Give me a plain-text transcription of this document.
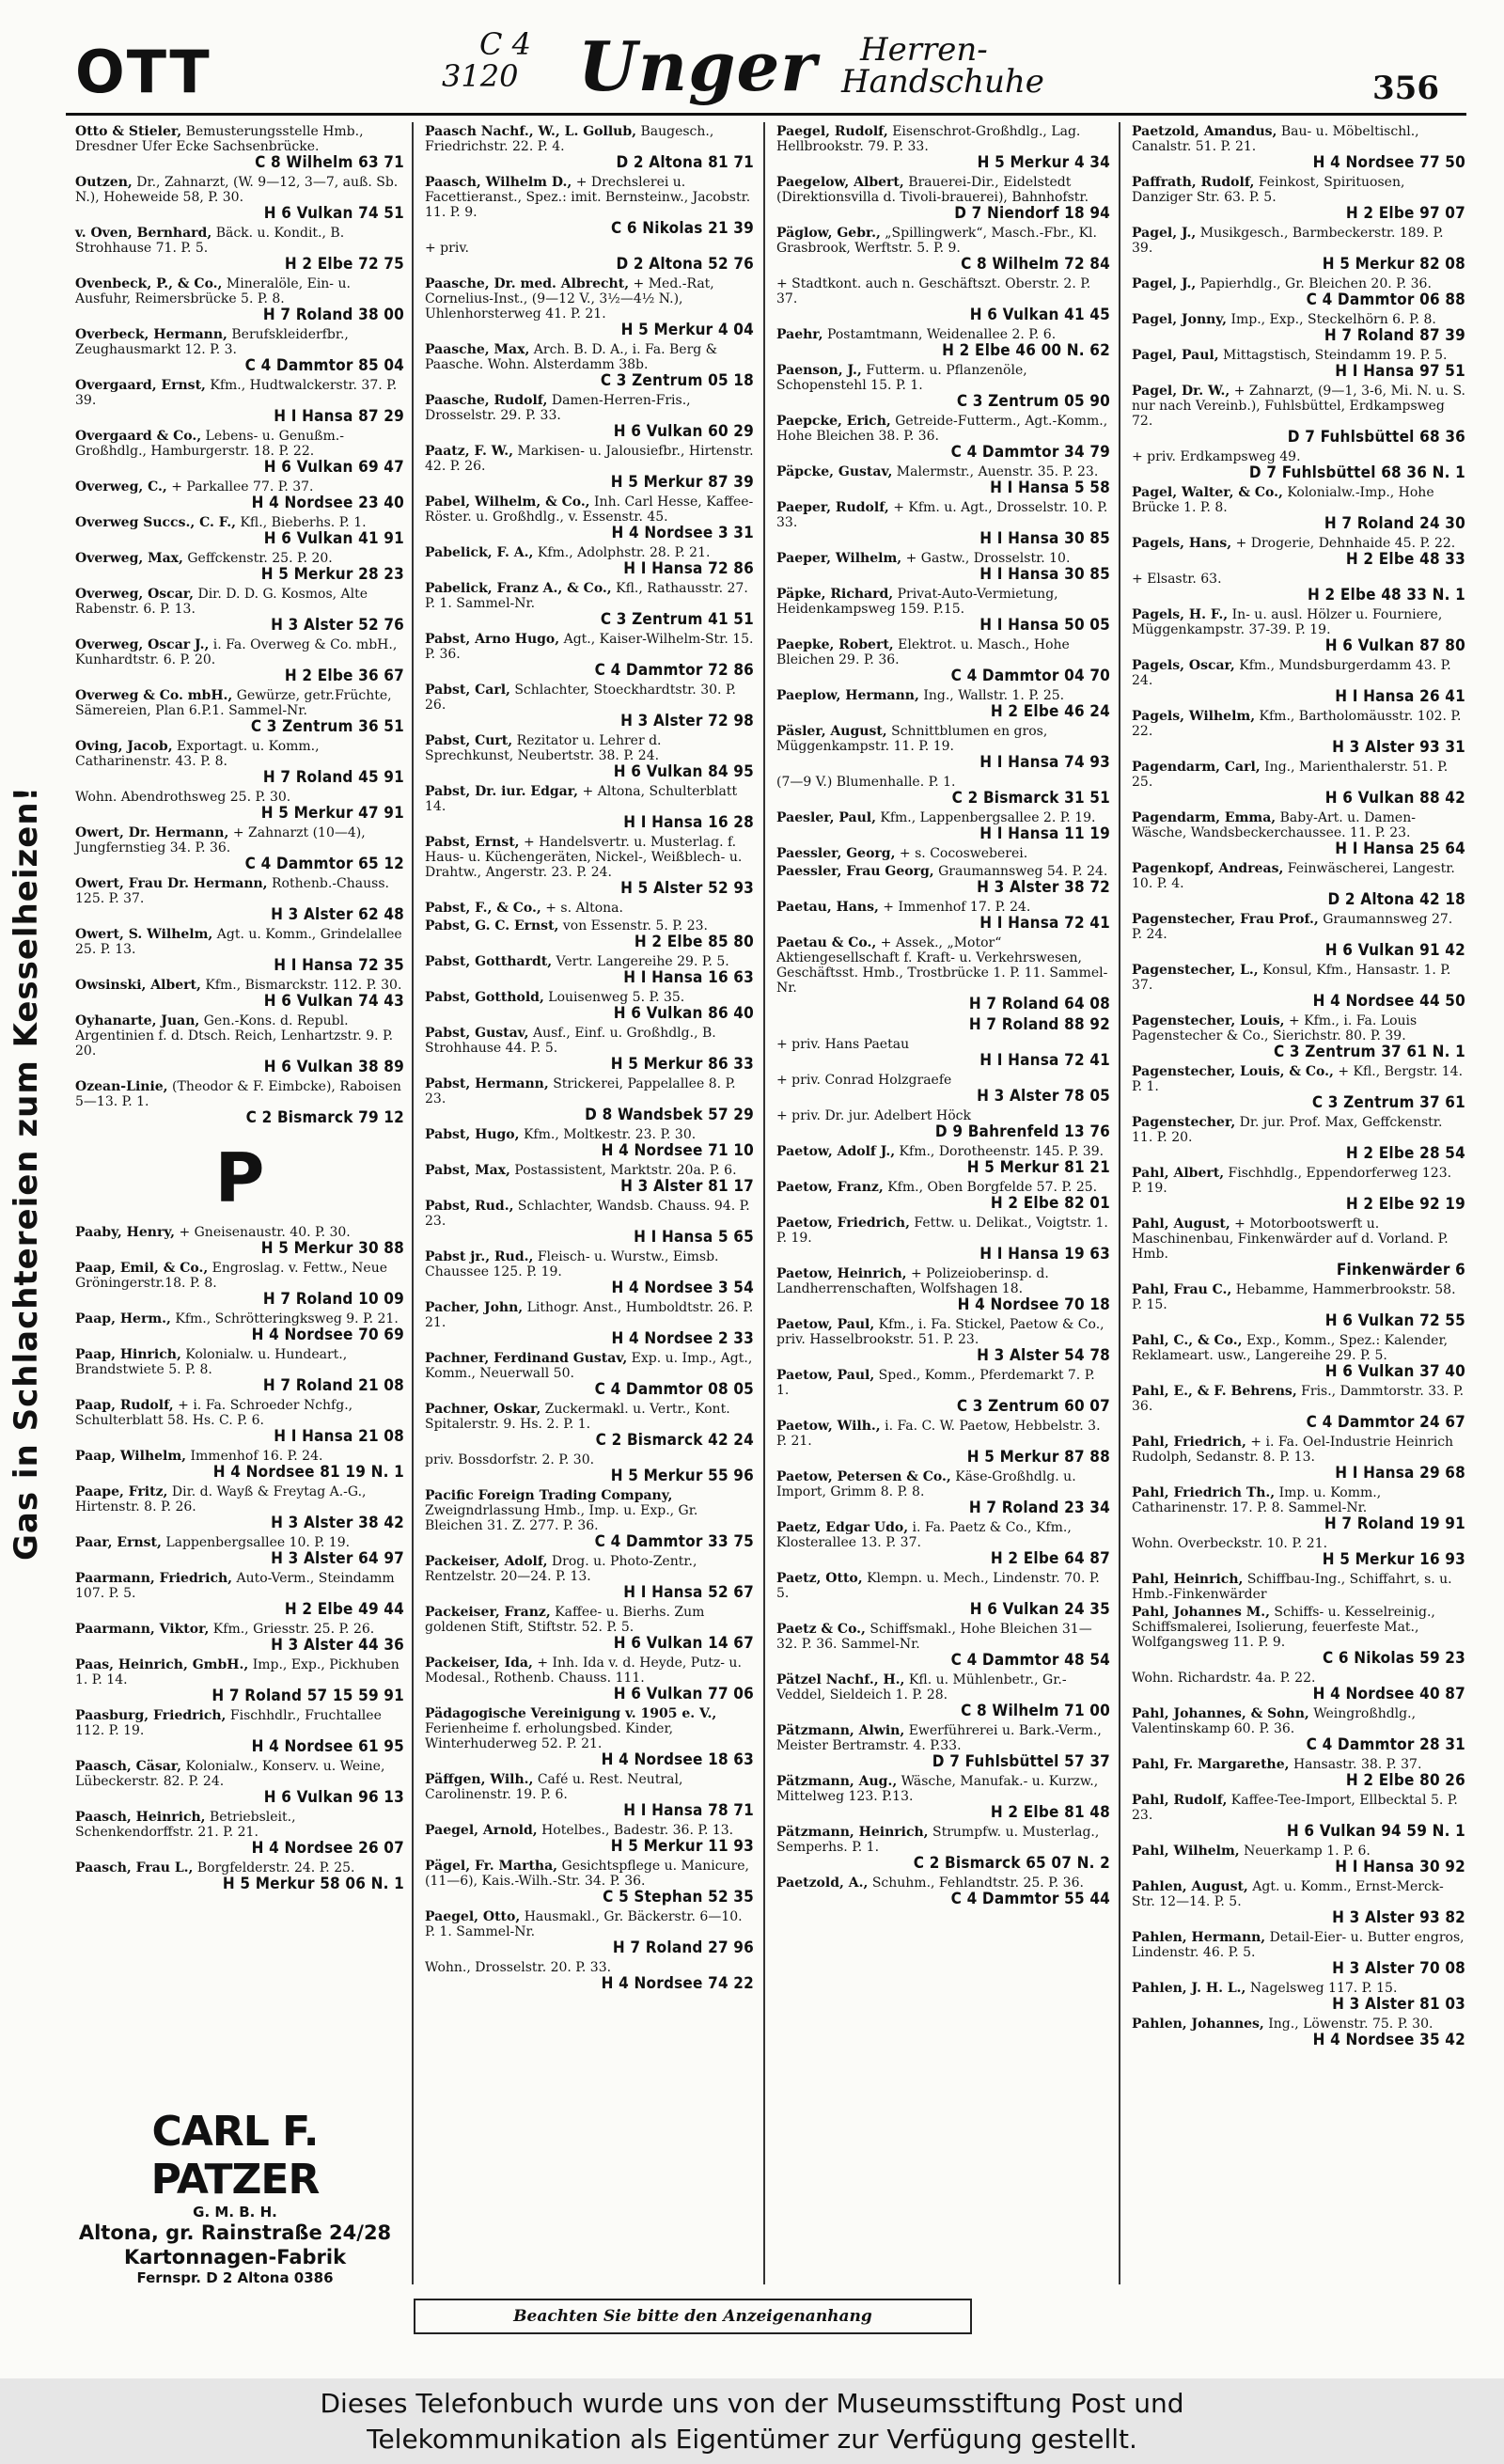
OTT	C 4
3120 Unger	Herren-
Handschuhe	356
Gas in Schlachtereien zum Kesselheizen!
Otto & Stieler, Bemusterungsstelle Hmb., Dresdner Ufer Ecke Sachsenbrücke.
C 8 Wilhelm 63 71
Outzen, Dr., Zahnarzt, (W. 9—12, 3—7, auß. Sb. N.), Hoheweide 58, P. 30.
H 6 Vulkan 74 51
v. Oven, Bernhard, Bäck. u. Kondit., B. Strohhause 71. P. 5.
H 2 Elbe 72 75
Ovenbeck, P., & Co., Mineralöle, Ein- u. Ausfuhr, Reimersbrücke 5. P. 8.
H 7 Roland 38 00
Overbeck, Hermann, Berufskleiderfbr., Zeughausmarkt 12. P. 3.
C 4 Dammtor 85 04
Overgaard, Ernst, Kfm., Hudtwalckerstr. 37. P. 39.
H I Hansa 87 29
Overgaard & Co., Lebens- u. Genußm.-Großhdlg., Hamburgerstr. 18. P. 22.
H 6 Vulkan 69 47
Overweg, C., + Parkallee 77. P. 37.
H 4 Nordsee 23 40
Overweg Succs., C. F., Kfl., Bieberhs. P. 1.
H 6 Vulkan 41 91
Overweg, Max, Geffckenstr. 25. P. 20.
H 5 Merkur 28 23
Overweg, Oscar, Dir. D. D. G. Kosmos, Alte Rabenstr. 6. P. 13.
H 3 Alster 52 76
Overweg, Oscar J., i. Fa. Overweg & Co. mbH., Kunhardtstr. 6. P. 20.
H 2 Elbe 36 67
Overweg & Co. mbH., Gewürze, getr.Früchte, Sämereien, Plan 6.P.1. Sammel-Nr.
C 3 Zentrum 36 51
Oving, Jacob, Exportagt. u. Komm., Catharinenstr. 43. P. 8.
H 7 Roland 45 91
Wohn. Abendrothsweg 25. P. 30.
H 5 Merkur 47 91
Owert, Dr. Hermann, + Zahnarzt (10—4), Jungfernstieg 34. P. 36.
C 4 Dammtor 65 12
Owert, Frau Dr. Hermann, Rothenb.-Chauss. 125. P. 37.
H 3 Alster 62 48
Owert, S. Wilhelm, Agt. u. Komm., Grindelallee 25. P. 13.
H I Hansa 72 35
Owsinski, Albert, Kfm., Bismarckstr. 112. P. 30.
H 6 Vulkan 74 43
Oyhanarte, Juan, Gen.-Kons. d. Republ. Argentinien f. d. Dtsch. Reich, Lenhartzstr. 9. P. 20.
H 6 Vulkan 38 89
Ozean-Linie, (Theodor & F. Eimbcke), Raboisen 5—13. P. 1.
C 2 Bismarck 79 12
P
Paaby, Henry, + Gneisenaustr. 40. P. 30.
H 5 Merkur 30 88
Paap, Emil, & Co., Engroslag. v. Fettw., Neue Gröningerstr.18. P. 8.
H 7 Roland 10 09
Paap, Herm., Kfm., Schrötteringksweg 9. P. 21.
H 4 Nordsee 70 69
Paap, Hinrich, Kolonialw. u. Hundeart., Brandstwiete 5. P. 8.
H 7 Roland 21 08
Paap, Rudolf, + i. Fa. Schroeder Nchfg., Schulterblatt 58. Hs. C. P. 6.
H I Hansa 21 08
Paap, Wilhelm, Immenhof 16. P. 24.
H 4 Nordsee 81 19 N. 1
Paape, Fritz, Dir. d. Wayß & Freytag A.-G., Hirtenstr. 8. P. 26.
H 3 Alster 38 42
Paar, Ernst, Lappenbergsallee 10. P. 19.
H 3 Alster 64 97
Paarmann, Friedrich, Auto-Verm., Steindamm 107. P. 5.
H 2 Elbe 49 44
Paarmann, Viktor, Kfm., Griesstr. 25. P. 26.
H 3 Alster 44 36
Paas, Heinrich, GmbH., Imp., Exp., Pickhuben 1. P. 14.
H 7 Roland 57 15 59 91
Paasburg, Friedrich, Fischhdlr., Fruchtallee 112. P. 19.
H 4 Nordsee 61 95
Paasch, Cäsar, Kolonialw., Konserv. u. Weine, Lübeckerstr. 82. P. 24.
H 6 Vulkan 96 13
Paasch, Heinrich, Betriebsleit., Schenkendorffstr. 21. P. 21.
H 4 Nordsee 26 07
Paasch, Frau L., Borgfelderstr. 24. P. 25.
H 5 Merkur 58 06 N. 1
Paasch Nachf., W., L. Gollub, Baugesch., Friedrichstr. 22. P. 4.
D 2 Altona 81 71
Paasch, Wilhelm D., + Drechslerei u. Facettieranst., Spez.: imit. Bernsteinw., Jacobstr. 11. P. 9.
C 6 Nikolas 21 39
+ priv.
D 2 Altona 52 76
Paasche, Dr. med. Albrecht, + Med.-Rat, Cornelius-Inst., (9—12 V., 3½—4½ N.), Uhlenhorsterweg 41. P. 21.
H 5 Merkur 4 04
Paasche, Max, Arch. B. D. A., i. Fa. Berg & Paasche. Wohn. Alsterdamm 38b.
C 3 Zentrum 05 18
Paasche, Rudolf, Damen-Herren-Fris., Drosselstr. 29. P. 33.
H 6 Vulkan 60 29
Paatz, F. W., Markisen- u. Jalousiefbr., Hirtenstr. 42. P. 26.
H 5 Merkur 87 39
Pabel, Wilhelm, & Co., Inh. Carl Hesse, Kaffee-Röster. u. Großhdlg., v. Essenstr. 45.
H 4 Nordsee 3 31
Pabelick, F. A., Kfm., Adolphstr. 28. P. 21.
H I Hansa 72 86
Pabelick, Franz A., & Co., Kfl., Rathausstr. 27. P. 1. Sammel-Nr.
C 3 Zentrum 41 51
Pabst, Arno Hugo, Agt., Kaiser-Wilhelm-Str. 15. P. 36.
C 4 Dammtor 72 86
Pabst, Carl, Schlachter, Stoeckhardtstr. 30. P. 26.
H 3 Alster 72 98
Pabst, Curt, Rezitator u. Lehrer d. Sprechkunst, Neubertstr. 38. P. 24.
H 6 Vulkan 84 95
Pabst, Dr. iur. Edgar, + Altona, Schulterblatt 14.
H I Hansa 16 28
Pabst, Ernst, + Handelsvertr. u. Musterlag. f. Haus- u. Küchengeräten, Nickel-, Weißblech- u. Drahtw., Angerstr. 23. P. 24.
H 5 Alster 52 93
Pabst, F., & Co., + s. Altona.
Pabst, G. C. Ernst, von Essenstr. 5. P. 23.
H 2 Elbe 85 80
Pabst, Gotthardt, Vertr. Langereihe 29. P. 5.
H I Hansa 16 63
Pabst, Gotthold, Louisenweg 5. P. 35.
H 6 Vulkan 86 40
Pabst, Gustav, Ausf., Einf. u. Großhdlg., B. Strohhause 44. P. 5.
H 5 Merkur 86 33
Pabst, Hermann, Strickerei, Pappelallee 8. P. 23.
D 8 Wandsbek 57 29
Pabst, Hugo, Kfm., Moltkestr. 23. P. 30.
H 4 Nordsee 71 10
Pabst, Max, Postassistent, Marktstr. 20a. P. 6.
H 3 Alster 81 17
Pabst, Rud., Schlachter, Wandsb. Chauss. 94. P. 23.
H I Hansa 5 65
Pabst jr., Rud., Fleisch- u. Wurstw., Eimsb. Chaussee 125. P. 19.
H 4 Nordsee 3 54
Pacher, John, Lithogr. Anst., Humboldtstr. 26. P. 21.
H 4 Nordsee 2 33
Pachner, Ferdinand Gustav, Exp. u. Imp., Agt., Komm., Neuerwall 50.
C 4 Dammtor 08 05
Pachner, Oskar, Zuckermakl. u. Vertr., Kont. Spitalerstr. 9. Hs. 2. P. 1.
C 2 Bismarck 42 24
priv. Bossdorfstr. 2. P. 30.
H 5 Merkur 55 96
Pacific Foreign Trading Company, Zweigndrlassung Hmb., Imp. u. Exp., Gr. Bleichen 31. Z. 277. P. 36.
C 4 Dammtor 33 75
Packeiser, Adolf, Drog. u. Photo-Zentr., Rentzelstr. 20—24. P. 13.
H I Hansa 52 67
Packeiser, Franz, Kaffee- u. Bierhs. Zum goldenen Stift, Stiftstr. 52. P. 5.
H 6 Vulkan 14 67
Packeiser, Ida, + Inh. Ida v. d. Heyde, Putz- u. Modesal., Rothenb. Chauss. 111.
H 6 Vulkan 77 06
Pädagogische Vereinigung v. 1905 e. V., Ferienheime f. erholungsbed. Kinder, Winterhuderweg 52. P. 21.
H 4 Nordsee 18 63
Päffgen, Wilh., Café u. Rest. Neutral, Carolinenstr. 19. P. 6.
H I Hansa 78 71
Paegel, Arnold, Hotelbes., Badestr. 36. P. 13.
H 5 Merkur 11 93
Pägel, Fr. Martha, Gesichtspflege u. Manicure, (11—6), Kais.-Wilh.-Str. 34. P. 36.
C 5 Stephan 52 35
Paegel, Otto, Hausmakl., Gr. Bäckerstr. 6—10. P. 1. Sammel-Nr.
H 7 Roland 27 96
Wohn., Drosselstr. 20. P. 33.
H 4 Nordsee 74 22
Paegel, Rudolf, Eisenschrot-Großhdlg., Lag. Hellbrookstr. 79. P. 33.
H 5 Merkur 4 34
Paegelow, Albert, Brauerei-Dir., Eidelstedt (Direktionsvilla d. Tivoli-brauerei), Bahnhofstr.
D 7 Niendorf 18 94
Päglow, Gebr., „Spillingwerk“, Masch.-Fbr., Kl. Grasbrook, Werftstr. 5. P. 9.
C 8 Wilhelm 72 84
+ Stadtkont. auch n. Geschäftszt. Oberstr. 2. P. 37.
H 6 Vulkan 41 45
Paehr, Postamtmann, Weidenallee 2. P. 6.
H 2 Elbe 46 00 N. 62
Paenson, J., Futterm. u. Pflanzenöle, Schopenstehl 15. P. 1.
C 3 Zentrum 05 90
Paepcke, Erich, Getreide-Futterm., Agt.-Komm., Hohe Bleichen 38. P. 36.
C 4 Dammtor 34 79
Päpcke, Gustav, Malermstr., Auenstr. 35. P. 23.
H I Hansa 5 58
Paeper, Rudolf, + Kfm. u. Agt., Drosselstr. 10. P. 33.
H I Hansa 30 85
Paeper, Wilhelm, + Gastw., Drosselstr. 10.
H I Hansa 30 85
Päpke, Richard, Privat-Auto-Vermietung, Heidenkampsweg 159. P.15.
H I Hansa 50 05
Paepke, Robert, Elektrot. u. Masch., Hohe Bleichen 29. P. 36.
C 4 Dammtor 04 70
Paeplow, Hermann, Ing., Wallstr. 1. P. 25.
H 2 Elbe 46 24
Päsler, August, Schnittblumen en gros, Müggenkampstr. 11. P. 19.
H I Hansa 74 93
(7—9 V.) Blumenhalle. P. 1.
C 2 Bismarck 31 51
Paesler, Paul, Kfm., Lappenbergsallee 2. P. 19.
H I Hansa 11 19
Paessler, Georg, + s. Cocosweberei.
Paessler, Frau Georg, Graumannsweg 54. P. 24.
H 3 Alster 38 72
Paetau, Hans, + Immenhof 17. P. 24.
H I Hansa 72 41
Paetau & Co., + Assek., „Motor“ Aktiengesellschaft f. Kraft- u. Verkehrswesen, Geschäftsst. Hmb., Trostbrücke 1. P. 11. Sammel-Nr.
H 7 Roland 64 08
H 7 Roland 88 92
+ priv. Hans Paetau
H I Hansa 72 41
+ priv. Conrad Holzgraefe
H 3 Alster 78 05
+ priv. Dr. jur. Adelbert Höck
D 9 Bahrenfeld 13 76
Paetow, Adolf J., Kfm., Dorotheenstr. 145. P. 39.
H 5 Merkur 81 21
Paetow, Franz, Kfm., Oben Borgfelde 57. P. 25.
H 2 Elbe 82 01
Paetow, Friedrich, Fettw. u. Delikat., Voigtstr. 1. P. 19.
H I Hansa 19 63
Paetow, Heinrich, + Polizeioberinsp. d. Landherrenschaften, Wolfshagen 18.
H 4 Nordsee 70 18
Paetow, Paul, Kfm., i. Fa. Stickel, Paetow & Co., priv. Hasselbrookstr. 51. P. 23.
H 3 Alster 54 78
Paetow, Paul, Sped., Komm., Pferdemarkt 7. P. 1.
C 3 Zentrum 60 07
Paetow, Wilh., i. Fa. C. W. Paetow, Hebbelstr. 3. P. 21.
H 5 Merkur 87 88
Paetow, Petersen & Co., Käse-Großhdlg. u. Import, Grimm 8. P. 8.
H 7 Roland 23 34
Paetz, Edgar Udo, i. Fa. Paetz & Co., Kfm., Klosterallee 13. P. 37.
H 2 Elbe 64 87
Paetz, Otto, Klempn. u. Mech., Lindenstr. 70. P. 5.
H 6 Vulkan 24 35
Paetz & Co., Schiffsmakl., Hohe Bleichen 31—32. P. 36. Sammel-Nr.
C 4 Dammtor 48 54
Pätzel Nachf., H., Kfl. u. Mühlenbetr., Gr.-Veddel, Sieldeich 1. P. 28.
C 8 Wilhelm 71 00
Pätzmann, Alwin, Ewerführerei u. Bark.-Verm., Meister Bertramstr. 4. P.33.
D 7 Fuhlsbüttel 57 37
Pätzmann, Aug., Wäsche, Manufak.- u. Kurzw., Mittelweg 123. P.13.
H 2 Elbe 81 48
Pätzmann, Heinrich, Strumpfw. u. Musterlag., Semperhs. P. 1.
C 2 Bismarck 65 07 N. 2
Paetzold, A., Schuhm., Fehlandtstr. 25. P. 36.
C 4 Dammtor 55 44
Paetzold, Amandus, Bau- u. Möbeltischl., Canalstr. 51. P. 21.
H 4 Nordsee 77 50
Paffrath, Rudolf, Feinkost, Spirituosen, Danziger Str. 63. P. 5.
H 2 Elbe 97 07
Pagel, J., Musikgesch., Barmbeckerstr. 189. P. 39.
H 5 Merkur 82 08
Pagel, J., Papierhdlg., Gr. Bleichen 20. P. 36.
C 4 Dammtor 06 88
Pagel, Jonny, Imp., Exp., Steckelhörn 6. P. 8.
H 7 Roland 87 39
Pagel, Paul, Mittagstisch, Steindamm 19. P. 5.
H I Hansa 97 51
Pagel, Dr. W., + Zahnarzt, (9—1, 3-6, Mi. N. u. S. nur nach Vereinb.), Fuhlsbüttel, Erdkampsweg 72.
D 7 Fuhlsbüttel 68 36
+ priv. Erdkampsweg 49.
D 7 Fuhlsbüttel 68 36 N. 1
Pagel, Walter, & Co., Kolonialw.-Imp., Hohe Brücke 1. P. 8.
H 7 Roland 24 30
Pagels, Hans, + Drogerie, Dehnhaide 45. P. 22.
H 2 Elbe 48 33
+ Elsastr. 63.
H 2 Elbe 48 33 N. 1
Pagels, H. F., In- u. ausl. Hölzer u. Fourniere, Müggenkampstr. 37-39. P. 19.
H 6 Vulkan 87 80
Pagels, Oscar, Kfm., Mundsburgerdamm 43. P. 24.
H I Hansa 26 41
Pagels, Wilhelm, Kfm., Bartholomäusstr. 102. P. 22.
H 3 Alster 93 31
Pagendarm, Carl, Ing., Marienthalerstr. 51. P. 25.
H 6 Vulkan 88 42
Pagendarm, Emma, Baby-Art. u. Damen-Wäsche, Wandsbeckerchaussee. 11. P. 23.
H I Hansa 25 64
Pagenkopf, Andreas, Feinwäscherei, Langestr. 10. P. 4.
D 2 Altona 42 18
Pagenstecher, Frau Prof., Graumannsweg 27. P. 24.
H 6 Vulkan 91 42
Pagenstecher, L., Konsul, Kfm., Hansastr. 1. P. 37.
H 4 Nordsee 44 50
Pagenstecher, Louis, + Kfm., i. Fa. Louis Pagenstecher & Co., Sierichstr. 80. P. 39.
C 3 Zentrum 37 61 N. 1
Pagenstecher, Louis, & Co., + Kfl., Bergstr. 14. P. 1.
C 3 Zentrum 37 61
Pagenstecher, Dr. jur. Prof. Max, Geffckenstr. 11. P. 20.
H 2 Elbe 28 54
Pahl, Albert, Fischhdlg., Eppendorferweg 123. P. 19.
H 2 Elbe 92 19
Pahl, August, + Motorbootswerft u. Maschinenbau, Finkenwärder auf d. Vorland. P. Hmb.
Finkenwärder 6
Pahl, Frau C., Hebamme, Hammerbrookstr. 58. P. 15.
H 6 Vulkan 72 55
Pahl, C., & Co., Exp., Komm., Spez.: Kalender, Reklameart. usw., Langereihe 29. P. 5.
H 6 Vulkan 37 40
Pahl, E., & F. Behrens, Fris., Dammtorstr. 33. P. 36.
C 4 Dammtor 24 67
Pahl, Friedrich, + i. Fa. Oel-Industrie Heinrich Rudolph, Sedanstr. 8. P. 13.
H I Hansa 29 68
Pahl, Friedrich Th., Imp. u. Komm., Catharinenstr. 17. P. 8. Sammel-Nr.
H 7 Roland 19 91
Wohn. Overbeckstr. 10. P. 21.
H 5 Merkur 16 93
Pahl, Heinrich, Schiffbau-Ing., Schiffahrt, s. u. Hmb.-Finkenwärder
Pahl, Johannes M., Schiffs- u. Kesselreinig., Schiffsmalerei, Isolierung, feuerfeste Mat., Wolfgangsweg 11. P. 9.
C 6 Nikolas 59 23
Wohn. Richardstr. 4a. P. 22.
H 4 Nordsee 40 87
Pahl, Johannes, & Sohn, Weingroßhdlg., Valentinskamp 60. P. 36.
C 4 Dammtor 28 31
Pahl, Fr. Margarethe, Hansastr. 38. P. 37.
H 2 Elbe 80 26
Pahl, Rudolf, Kaffee-Tee-Import, Ellbecktal 5. P. 23.
H 6 Vulkan 94 59 N. 1
Pahl, Wilhelm, Neuerkamp 1. P. 6.
H I Hansa 30 92
Pahlen, August, Agt. u. Komm., Ernst-Merck-Str. 12—14. P. 5.
H 3 Alster 93 82
Pahlen, Hermann, Detail-Eier- u. Butter engros, Lindenstr. 46. P. 5.
H 3 Alster 70 08
Pahlen, J. H. L., Nagelsweg 117. P. 15.
H 3 Alster 81 03
Pahlen, Johannes, Ing., Löwenstr. 75. P. 30.
H 4 Nordsee 35 42
CARL F. PATZER
G. M. B. H.
Altona, gr. Rainstraße 24/28
Kartonnagen-Fabrik
Fernspr. D 2 Altona 0386
Beachten Sie bitte den Anzeigenanhang
Dieses Telefonbuch wurde uns von der Museumsstiftung Post und
Telekommunikation als Eigentümer zur Verfügung gestellt.
